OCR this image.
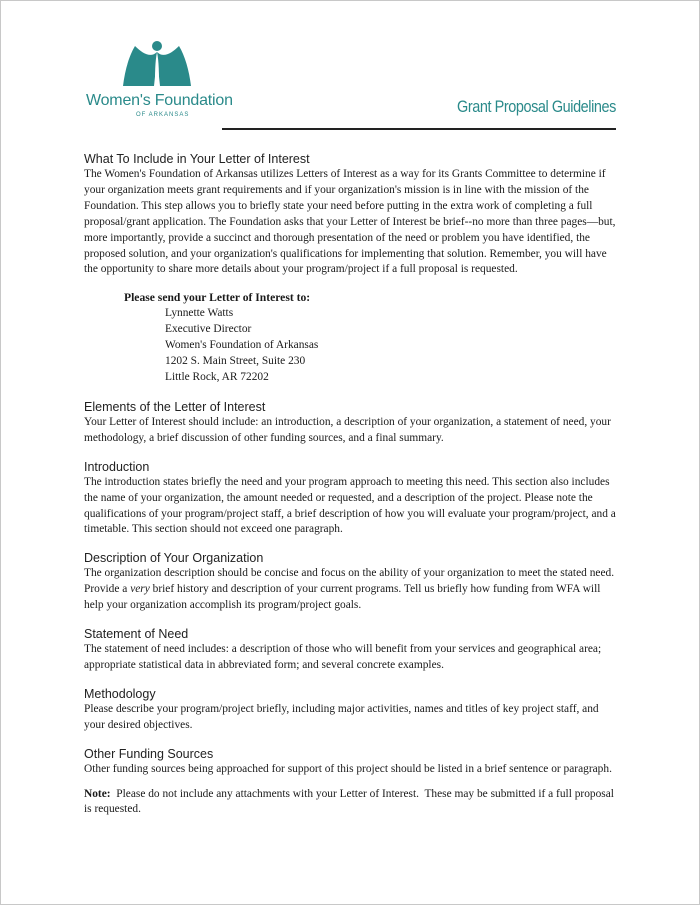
Women's Foundation
OF ARKANSAS	Grant Proposal Guidelines
What To Include in Your Letter of Interest

The Women's Foundation of Arkansas utilizes Letters of Interest as a way for its Grants Committee to determine if your organization meets grant requirements and if your organization's mission is in line with the mission of the Foundation. This step allows you to briefly state your need before putting in the extra work of completing a full proposal/grant application. The Foundation asks that your Letter of Interest be brief--no more than three pages—but, more importantly, provide a succinct and thorough presentation of the need or problem you have identified, the proposed solution, and your organization's qualifications for implementing that solution. Remember, you will have the opportunity to share more details about your program/project if a full proposal is requested.

Please send your Letter of Interest to:
Lynnette Watts
Executive Director
Women's Foundation of Arkansas
1202 S. Main Street, Suite 230
Little Rock, AR 72202
Elements of the Letter of Interest

Your Letter of Interest should include: an introduction, a description of your organization, a statement of need, your methodology, a brief discussion of other funding sources, and a final summary.

Introduction

The introduction states briefly the need and your program approach to meeting this need. This section also includes the name of your organization, the amount needed or requested, and a description of the project. Please note the qualifications of your program/project staff, a brief description of how you will evaluate your program/project, and a timetable. This section should not exceed one paragraph.

Description of Your Organization

The organization description should be concise and focus on the ability of your organization to meet the stated need. Provide a very brief history and description of your current programs. Tell us briefly how funding from WFA will help your organization accomplish its program/project goals.

Statement of Need

The statement of need includes: a description of those who will benefit from your services and geographical area; appropriate statistical data in abbreviated form; and several concrete examples.

Methodology

Please describe your program/project briefly, including major activities, names and titles of key project staff, and your desired objectives.

Other Funding Sources

Other funding sources being approached for support of this project should be listed in a brief sentence or paragraph.

Note:  Please do not include any attachments with your Letter of Interest.  These may be submitted if a full proposal is requested.
